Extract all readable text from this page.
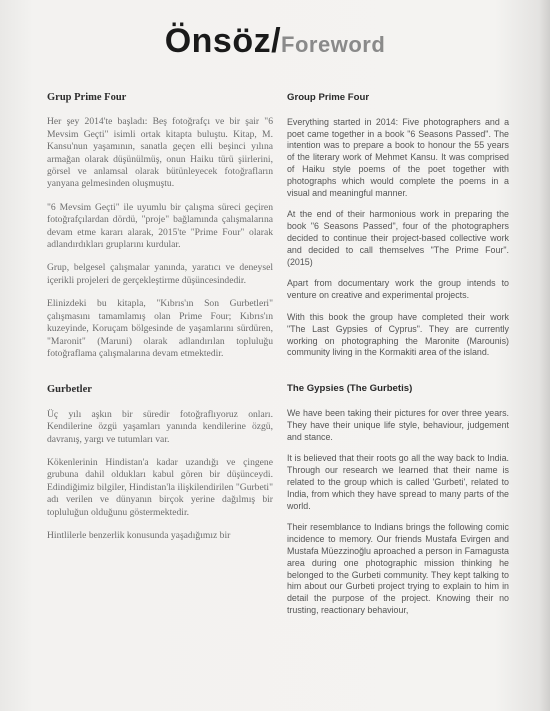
Önsöz/Foreword
Grup Prime Four

Her şey 2014'te başladı: Beş fotoğrafçı ve bir şair "6 Mevsim Geçti" isimli ortak kitapta buluştu. Kitap, M. Kansu'nun yaşamının, sanatla geçen elli beşinci yılına armağan olarak düşünülmüş, onun Haiku türü şiirlerini, görsel ve anlamsal olarak bütünleyecek fotoğrafların yanyana gelmesinden oluşmuştu.

"6 Mevsim Geçti" ile uyumlu bir çalışma süreci geçiren fotoğrafçılardan dördü, "proje" bağlamında çalışmalarına devam etme kararı alarak, 2015'te "Prime Four" olarak adlandırdıkları gruplarını kurdular.

Grup, belgesel çalışmalar yanında, yaratıcı ve deneysel içerikli projeleri de gerçekleştirme düşüncesindedir.

Elinizdeki bu kitapla, "Kıbrıs'ın Son Gurbetleri" çalışmasını tamamlamış olan Prime Four; Kıbrıs'ın kuzeyinde, Koruçam bölgesinde de yaşamlarını sürdüren, "Maronit" (Maruni) olarak adlandırılan topluluğu fotoğraflama çalışmalarına devam etmektedir.

Gurbetler

Üç yılı aşkın bir süredir fotoğraflıyoruz onları. Kendilerine özgü yaşamları yanında kendilerine özgü, davranış, yargı ve tutumları var.

Kökenlerinin Hindistan'a kadar uzandığı ve çingene grubuna dahil oldukları kabul gören bir düşünceydi. Edindiğimiz bilgiler, Hindistan'la ilişkilendirilen "Gurbeti" adı verilen ve dünyanın birçok yerine dağılmış bir topluluğun olduğunu göstermektedir.

Hintlilerle benzerlik konusunda yaşadığımız bir

Group Prime Four

Everything started in 2014: Five photographers and a poet came together in a book "6 Seasons Passed". The intention was to prepare a book to honour the 55 years of the literary work of Mehmet Kansu. It was comprised of Haiku style poems of the poet together with photographs which would complete the poems in a visual and meaningful manner.

At the end of their harmonious work in preparing the book "6 Seasons Passed", four of the photographers decided to continue their project-based collective work and decided to call themselves "The Prime Four". (2015)

Apart from documentary work the group intends to venture on creative and experimental projects.

With this book the group have completed their work "The Last Gypsies of Cyprus". They are currently working on photographing the Maronite (Marounis) community living in the Kormakiti area of the island.

The Gypsies (The Gurbetis)

We have been taking their pictures for over three years. They have their unique life style, behaviour, judgement and stance.

It is believed that their roots go all the way back to India. Through our research we learned that their name is related to the group which is called 'Gurbeti', related to India, from which they have spread to many parts of the world.

Their resemblance to Indians brings the following comic incidence to memory. Our friends Mustafa Evirgen and Mustafa Müezzinoğlu aproached a person in Famagusta area during one photographic mission thinking he belonged to the Gurbeti community. They kept talking to him about our Gurbeti project trying to explain to him in detail the purpose of the project. Knowing their no trusting, reactionary behaviour,
